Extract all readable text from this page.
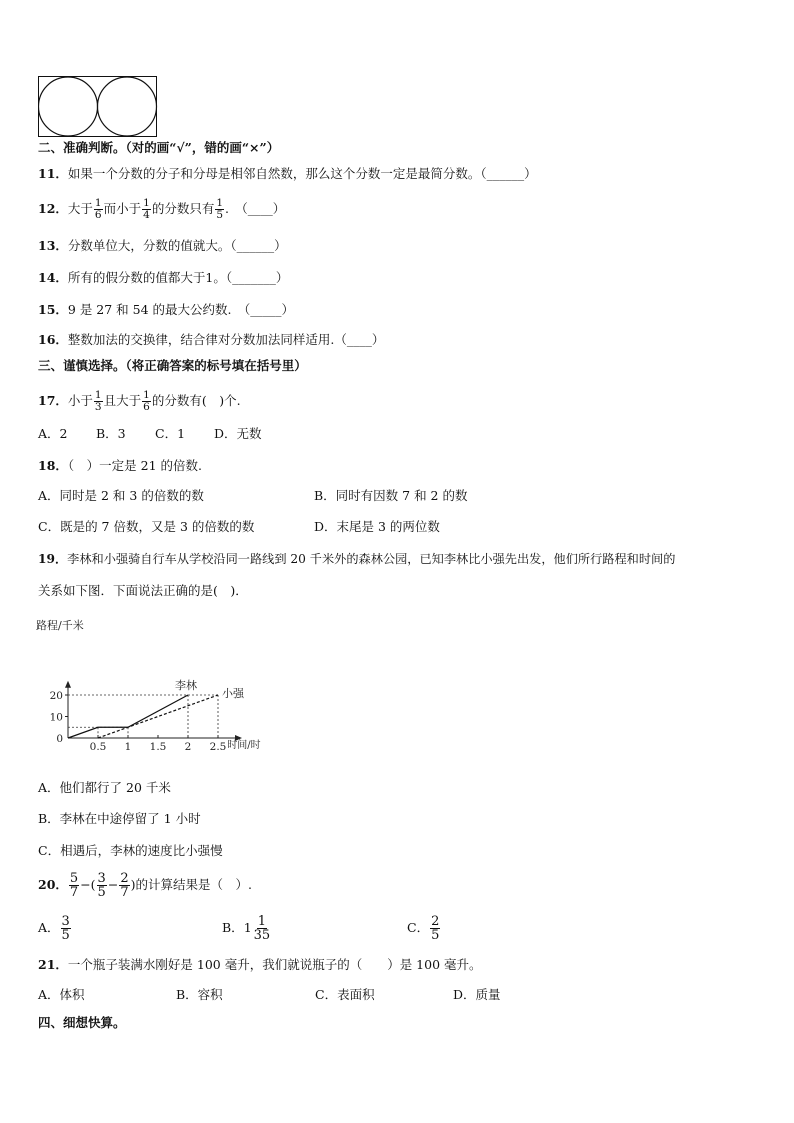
二、准确判断。（对的画“√”，错的画“×”）
11．如果一个分数的分子和分母是相邻自然数，那么这个分数一定是最简分数。（______）
12．大于 $\frac{1}{6}$ 而小于 $\frac{1}{4}$ 的分数只有 $\frac{1}{5}$ .　（____）
13．分数单位大，分数的值就大。（______）
14．所有的假分数的值都大于1。（_______）
15．9 是 27 和 54 的最大公约数.　（_____）
16．整数加法的交换律，结合律对分数加法同样适用.（____）
三、谨慎选择。（将正确答案的标号填在括号里）
17．小于 $\frac{1}{3}$ 且大于 $\frac{1}{6}$ 的分数有(　)个.
A．2 B．3 C．1 D．无数
18．（　）一定是 21 的倍数.
A．同时是 2 和 3 的倍数的数	B．同时有因数 7 和 2 的数
C．既是的 7 倍数，又是 3 的倍数的数	D．末尾是 3 的两位数
19．李林和小强骑自行车从学校沿同一路线到 20 千米外的森林公园，已知李林比小强先出发，他们所行路程和时间的
关系如下图．下面说法正确的是(　)．
路程/千米
时间/时
0
10
20
0.5 1 1.5 2 2.5
李林
小强
A．他们都行了 20 千米
B．李林在中途停留了 1 小时
C．相遇后，李林的速度比小强慢
20． $\frac{5}{7}$ −( $\frac{3}{5} - \frac{2}{7}$ )的计算结果是（　）.
A． $\frac{3}{5}$	B．$1 \frac{1}{35}$	C． $\frac{2}{5}$
21．一个瓶子装满水刚好是 100 毫升，我们就说瓶子的（　　）是 100 毫升。
A．体积	B．容积	C．表面积	D．质量
四、细想快算。
